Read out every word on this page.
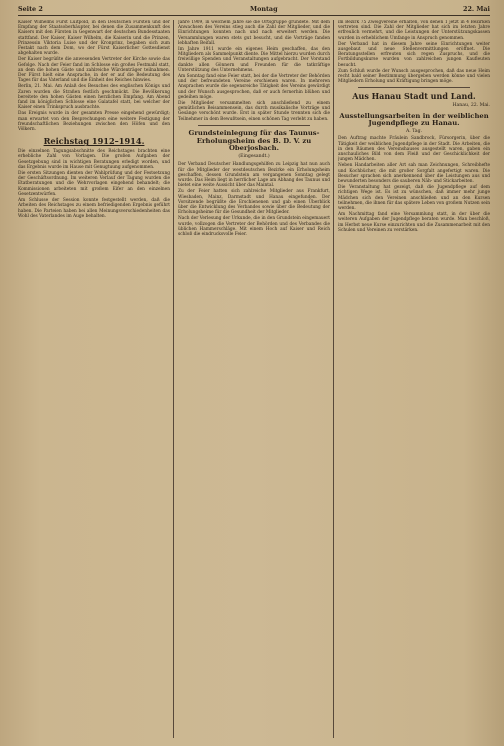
Seite 2	Montag	22. Mai

Kaiser Wilhelms Fürst Luitpold, in den Deutschen Fürsten und der Empfang der Staatsoberhäupter, bei denen die Zusammenkunft des Kaisers mit den Fürsten in Gegenwart der deutschen Bundesstaaten stattfand. Der Kaiser, Kaiser Wilhelm, die Kaiserin und die Prinzen, Prinzessin Viktoria Luise und der Kronprinz, begaben sich zum Festakt nach dem Dom, wo der Fürst Kaiserlicher Gottesdienst abgehalten wurde.

Der Kaiser begrüßte die anwesenden Vertreter der Kirche sowie das Gefolge. Nach der Feier fand im Schlosse ein großes Festmahl statt, an dem die hohen Gäste und zahlreiche Würdenträger teilnahmen. Der Fürst hielt eine Ansprache, in der er auf die Bedeutung des Tages für das Vaterland und die Einheit des Reiches hinwies.

Berlin, 21. Mai. Am Anlaß des Besuches des englischen Königs und Zaren wurden die Straßen festlich geschmückt. Die Bevölkerung bereitete den hohen Gästen einen herzlichen Empfang. Am Abend fand im königlichen Schlosse eine Galatafel statt, bei welcher der Kaiser einen Trinkspruch ausbrachte.

Das Ereignis wurde in der gesamten Presse eingehend gewürdigt; man erwartet von den Besprechungen eine weitere Festigung der freundschaftlichen Beziehungen zwischen den Höfen und den Völkern.

Reichstag 1912–1914.

Die einzelnen Tagungsabschnitte des Reichstages brachten eine erhebliche Zahl von Vorlagen. Die großen Aufgaben der Gesetzgebung sind in wichtigen Beratungen erledigt worden, und das Ergebnis wurde im Hause mit Genugtuung aufgenommen.

Die ersten Sitzungen dienten der Wahlprüfung und der Festsetzung der Geschäftsordnung. Im weiteren Verlauf der Tagung wurden die Etatberatungen und die Wehrvorlagen eingehend behandelt; die Kommissionen arbeiteten mit großem Eifer an den einzelnen Gesetzentwürfen.

Am Schlusse der Session konnte festgestellt werden, daß die Arbeiten des Reichstages zu einem befriedigenden Ergebnis geführt haben. Die Parteien haben bei allen Meinungsverschiedenheiten das Wohl des Vaterlandes im Auge behalten.

Jahre 1909, in welchem Jahre sie die Ortsgruppe gründete. Mit dem Anwachsen des Vereins stieg auch die Zahl der Mitglieder, und die Einrichtungen konnten nach und nach erweitert werden. Die Versammlungen waren stets gut besucht, und die Vorträge fanden lebhaften Beifall.

Im Jahre 1911 wurde ein eigenes Heim geschaffen, das den Mitgliedern als Sammelpunkt diente. Die Mittel hierzu wurden durch freiwillige Spenden und Veranstaltungen aufgebracht. Der Vorstand dankte allen Gönnern und Freunden für die tatkräftige Unterstützung des Unternehmens.

Am Sonntag fand eine Feier statt, bei der die Vertreter der Behörden und der befreundeten Vereine erschienen waren. In mehreren Ansprachen wurde die segensreiche Tätigkeit des Vereins gewürdigt und der Wunsch ausgesprochen, daß er auch fernerhin blühen und gedeihen möge.

Die Mitglieder versammelten sich anschließend zu einem gemütlichen Beisammensein, das durch musikalische Vorträge und Gesänge verschönt wurde. Erst in später Stunde trennten sich die Teilnehmer in dem Bewußtsein, einen schönen Tag verlebt zu haben.

Grundsteinlegung für das Taunus-Erholungsheim des B. D. V. zu Oberjosbach.
(Eingesandt.)

Der Verband Deutscher Handlungsgehilfen zu Leipzig hat nun auch für die Mitglieder der westdeutschen Bezirke ein Erholungsheim geschaffen, dessen Grundstein am vergangenen Sonntag gelegt wurde. Das Heim liegt in herrlicher Lage am Abhang des Taunus und bietet eine weite Aussicht über das Maintal.

Zu der Feier hatten sich zahlreiche Mitglieder aus Frankfurt, Wiesbaden, Mainz, Darmstadt und Hanau eingefunden. Der Vorsitzende begrüßte die Erschienenen und gab einen Überblick über die Entwicklung des Verbandes sowie über die Bedeutung der Erholungsheime für die Gesundheit der Mitglieder.

Nach der Verlesung der Urkunde, die in den Grundstein eingemauert wurde, vollzogen die Vertreter der Behörden und des Verbandes die üblichen Hammerschläge. Mit einem Hoch auf Kaiser und Reich schloß die eindrucksvolle Feier.

im Bezirk 75 Zweigvereine erhalten, von denen 1 jetzt in 4 Bezirken vertreten sind. Die Zahl der Mitglieder hat sich im letzten Jahre erfreulich vermehrt, und die Leistungen der Unterstützungskassen wurden in erheblichem Umfange in Anspruch genommen.

Der Verband hat in diesem Jahre seine Einrichtungen weiter ausgebaut und neue Stellenvermittlungen eröffnet. Die Beratungsstellen erfreuten sich regen Zuspruchs, und die Fortbildungskurse wurden von zahlreichen jungen Kaufleuten besucht.

Zum Schluß wurde der Wunsch ausgesprochen, daß das neue Heim recht bald seiner Bestimmung übergeben werden könne und vielen Mitgliedern Erholung und Kräftigung bringen möge.

Aus Hanau Stadt und Land.
Hanau, 22. Mai.
Ausstellungsarbeiten in der weiblichen Jugendpflege zu Hanau.
A. Tag.

Den Auftrag machte Fräulein Sandbrock, Fürsorgerin, über die Tätigkeit der weiblichen Jugendpflege in der Stadt. Die Arbeiten, die in den Räumen des Vereinshauses ausgestellt waren, gaben ein anschauliches Bild von dem Fleiß und der Geschicklichkeit der jungen Mädchen.

Neben Handarbeiten aller Art sah man Zeichnungen, Schreibhefte und Kochbücher, die mit großer Sorgfalt angefertigt waren. Die Besucher sprachen sich anerkennend über die Leistungen aus und bewunderten besonders die sauberen Näh- und Stickarbeiten.

Die Veranstaltung hat gezeigt, daß die Jugendpflege auf dem richtigen Wege ist. Es ist zu wünschen, daß immer mehr junge Mädchen sich den Vereinen anschließen und an den Kursen teilnehmen, die ihnen für das spätere Leben von großem Nutzen sein werden.

Am Nachmittag fand eine Versammlung statt, in der über die weiteren Aufgaben der Jugendpflege beraten wurde. Man beschloß, im Herbst neue Kurse einzurichten und die Zusammenarbeit mit den Schulen und Vereinen zu verstärken.
